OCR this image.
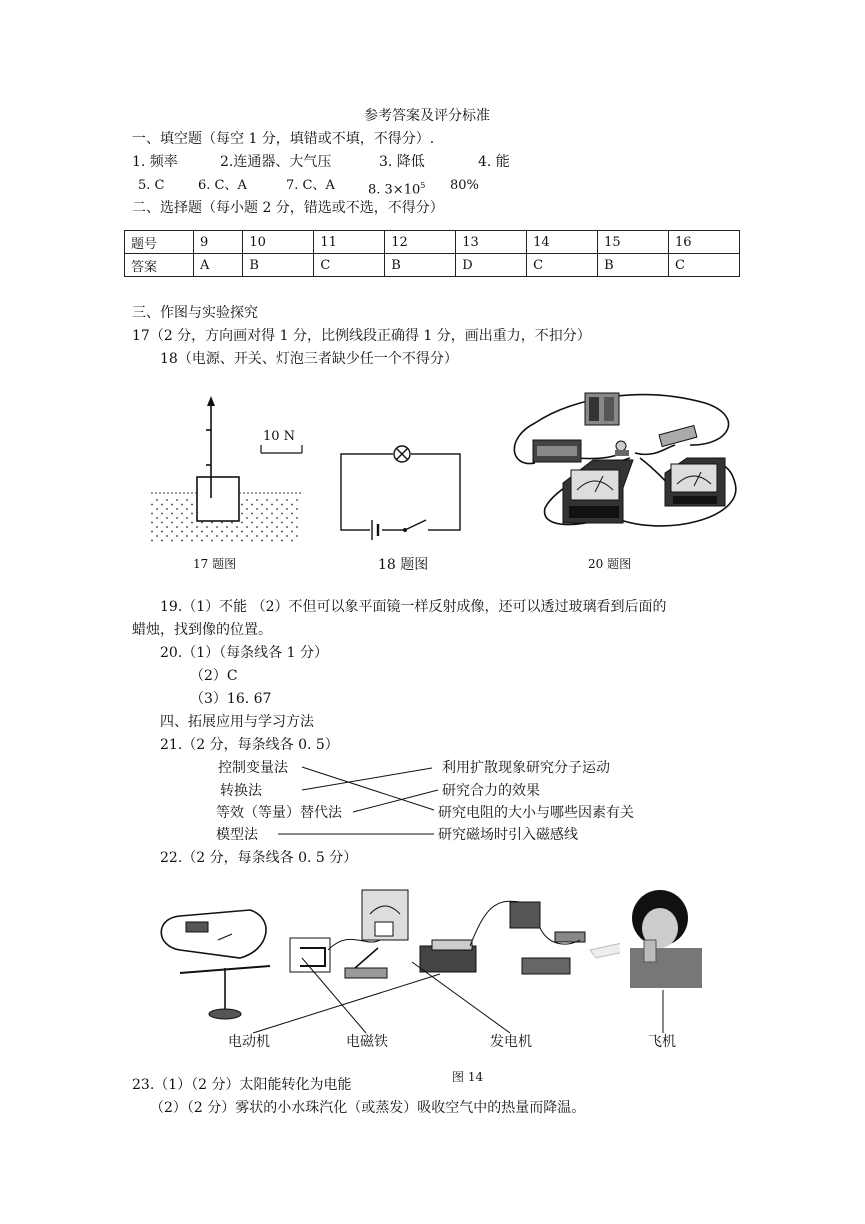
参考答案及评分标准
一、填空题（每空 1 分，填错或不填，不得分）.
1. 频率	2.连通器、大气压	3. 降低	4. 能
5. C	6. C、A	7. C、A	8. $3\times 10^5$ 80%
二、选择题（每小题 2 分，错选或不选，不得分）
题号	9	10	11	12	13	14	15	16
答案	A	B	C	B	D	C	B	C
三、作图与实验探究
17（2 分，方向画对得 1 分，比例线段正确得 1 分，画出重力，不扣分）
18（电源、开关、灯泡三者缺少任一个不得分）
10 N
17 题图	18 题图	20 题图
19.（1）不能 （2）不但可以象平面镜一样反射成像，还可以透过玻璃看到后面的
蜡烛，找到像的位置。
20.（1）（每条线各 1 分）
（2）C
（3）16. 67
四、拓展应用与学习方法
21.（2 分，每条线各 0. 5）
控制变量法
转换法
等效（等量）替代法
模型法
利用扩散现象研究分子运动
研究合力的效果
研究电阻的大小与哪些因素有关
研究磁场时引入磁感线
22.（2 分，每条线各 0. 5 分）
电动机	电磁铁	发电机	飞机
图 14
23.（1）（2 分）太阳能转化为电能
（2）（2 分）雾状的小水珠汽化（或蒸发）吸收空气中的热量而降温。
